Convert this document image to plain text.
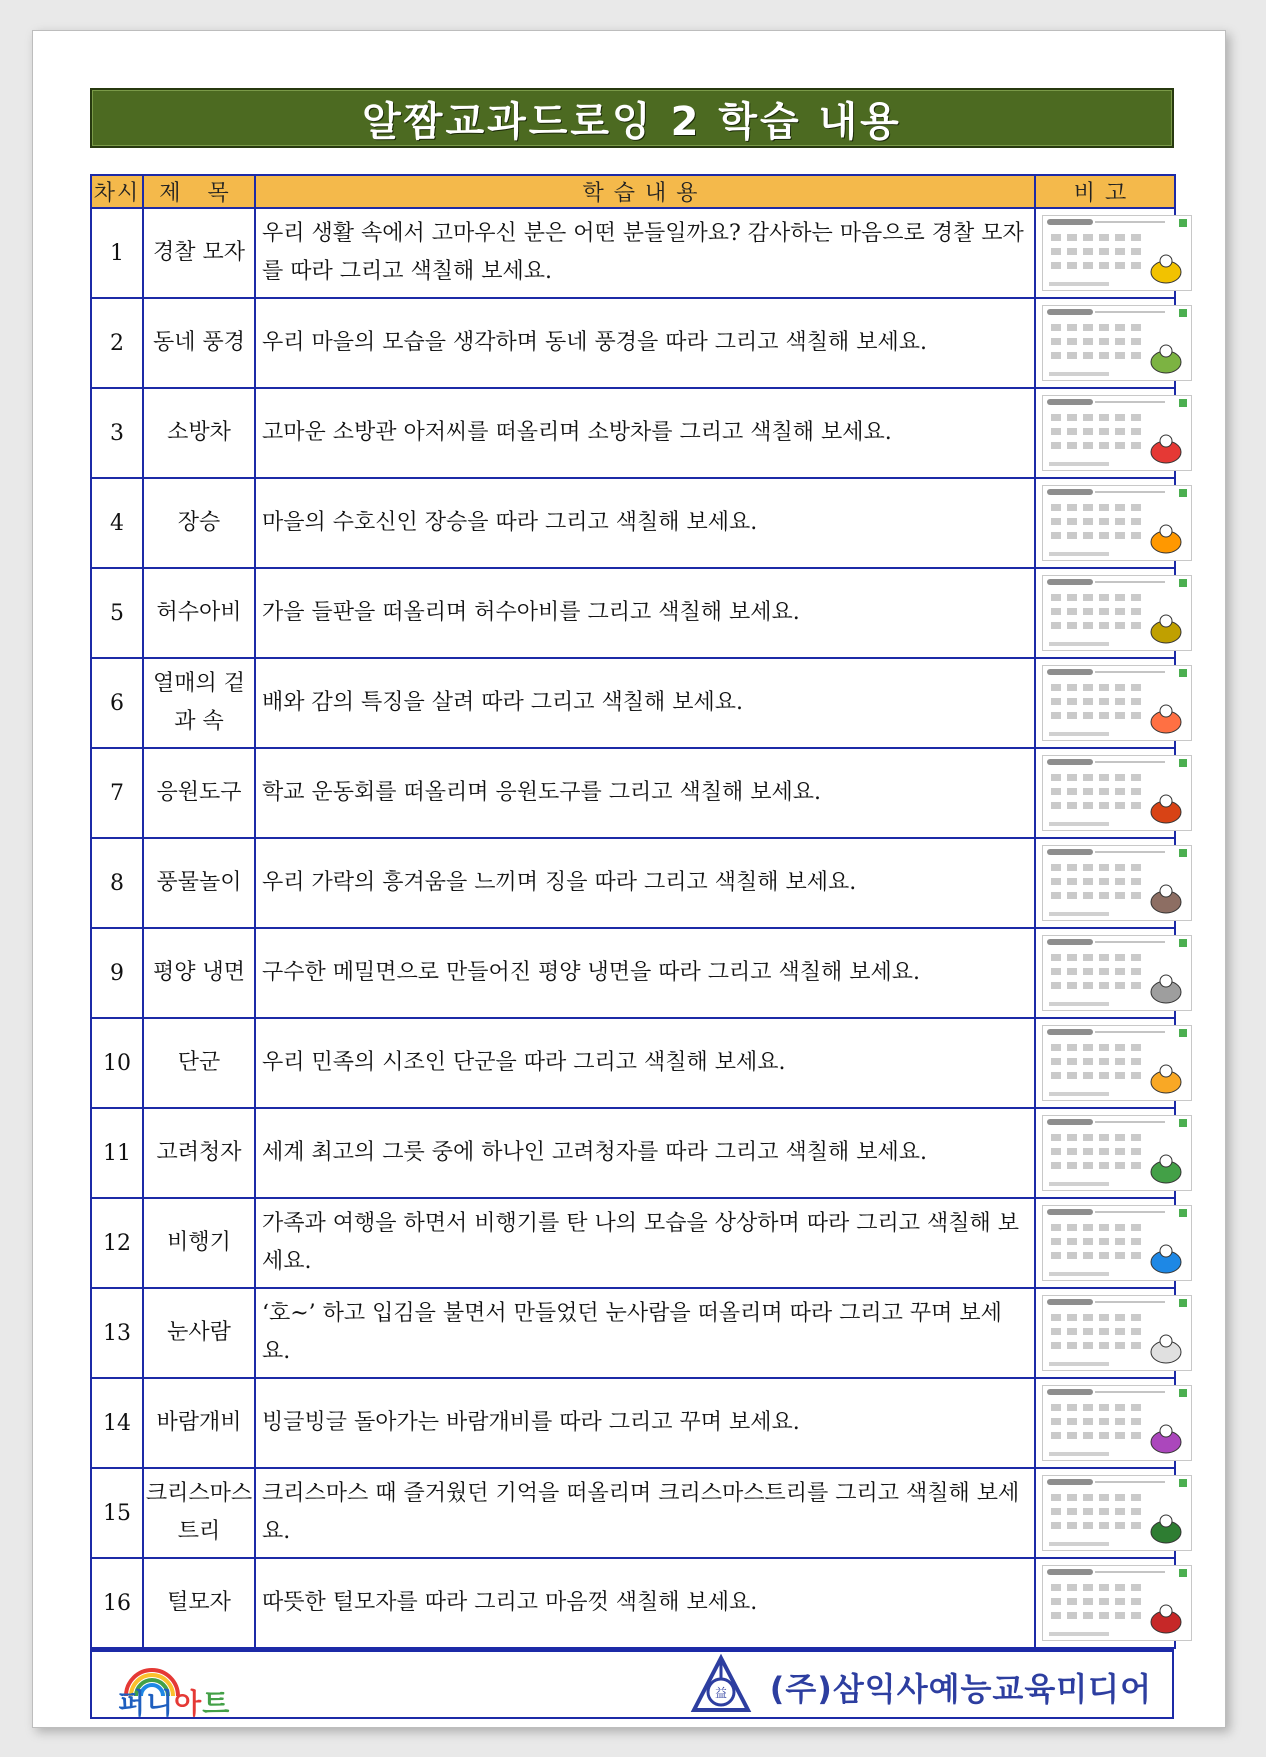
알짬교과드로잉 2 학습 내용
차시	제 목	학습내용	비고
1	경찰 모자	우리 생활 속에서 고마우신 분은 어떤 분들일까요? 감사하는 마음으로 경찰 모자를 따라 그리고 색칠해 보세요.	

2	동네 풍경	우리 마을의 모습을 생각하며 동네 풍경을 따라 그리고 색칠해 보세요.	

3	소방차	고마운 소방관 아저씨를 떠올리며 소방차를 그리고 색칠해 보세요.	

4	장승	마을의 수호신인 장승을 따라 그리고 색칠해 보세요.	

5	허수아비	가을 들판을 떠올리며 허수아비를 그리고 색칠해 보세요.	

6	열매의 겉과 속	배와 감의 특징을 살려 따라 그리고 색칠해 보세요.	

7	응원도구	학교 운동회를 떠올리며 응원도구를 그리고 색칠해 보세요.	

8	풍물놀이	우리 가락의 흥겨움을 느끼며 징을 따라 그리고 색칠해 보세요.	

9	평양 냉면	구수한 메밀면으로 만들어진 평양 냉면을 따라 그리고 색칠해 보세요.	

10	단군	우리 민족의 시조인 단군을 따라 그리고 색칠해 보세요.	

11	고려청자	세계 최고의 그릇 중에 하나인 고려청자를 따라 그리고 색칠해 보세요.	

12	비행기	가족과 여행을 하면서 비행기를 탄 나의 모습을 상상하며 따라 그리고 색칠해 보세요.	

13	눈사람	‘호~’ 하고 입김을 불면서 만들었던 눈사람을 떠올리며 따라 그리고 꾸며 보세요.	

14	바람개비	빙글빙글 돌아가는 바람개비를 따라 그리고 꾸며 보세요.	

15	크리스마스 트리	크리스마스 때 즐거웠던 기억을 떠올리며 크리스마스트리를 그리고 색칠해 보세요.	

16	털모자	따뜻한 털모자를 따라 그리고 마음껏 색칠해 보세요.	
퍼니아트	益 (주)삼익사예능교육미디어
